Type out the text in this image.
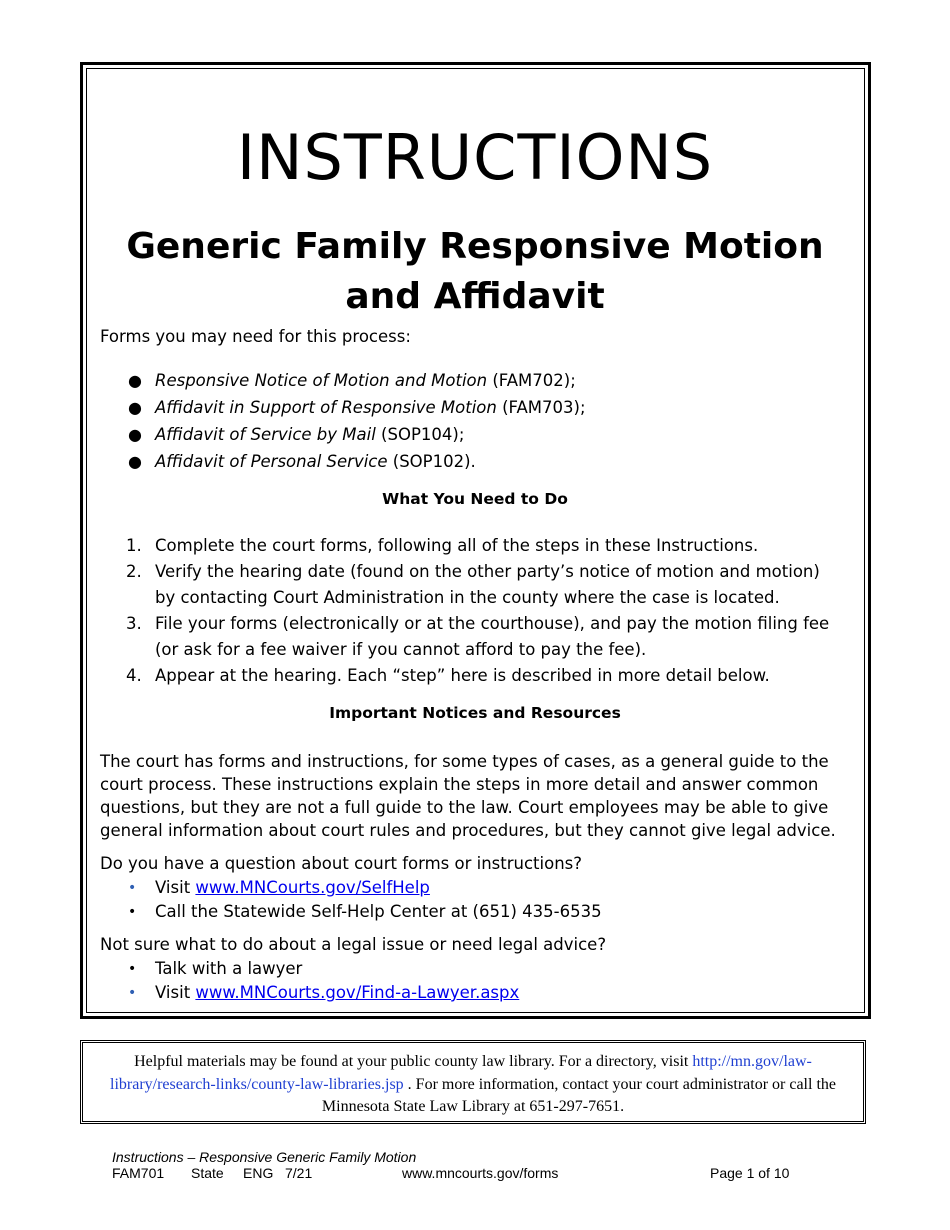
INSTRUCTIONS
Generic Family Responsive Motion and Affidavit
Forms you may need for this process:
● Responsive Notice of Motion and Motion (FAM702);
● Affidavit in Support of Responsive Motion (FAM703);
● Affidavit of Service by Mail (SOP104);
● Affidavit of Personal Service (SOP102).
What You Need to Do
1. Complete the court forms, following all of the steps in these Instructions.
2. Verify the hearing date (found on the other party’s notice of motion and motion) by contacting Court Administration in the county where the case is located.
3. File your forms (electronically or at the courthouse), and pay the motion filing fee (or ask for a fee waiver if you cannot afford to pay the fee).
4. Appear at the hearing. Each “step” here is described in more detail below.
Important Notices and Resources
The court has forms and instructions, for some types of cases, as a general guide to the court process. These instructions explain the steps in more detail and answer common questions, but they are not a full guide to the law. Court employees may be able to give general information about court rules and procedures, but they cannot give legal advice.
Do you have a question about court forms or instructions?
• Visit www.MNCourts.gov/SelfHelp
• Call the Statewide Self-Help Center at (651) 435-6535
Not sure what to do about a legal issue or need legal advice?
• Talk with a lawyer
• Visit www.MNCourts.gov/Find-a-Lawyer.aspx
Helpful materials may be found at your public county law library. For a directory, visit http://mn.gov/law-library/research-links/county-law-libraries.jsp . For more information, contact your court administrator or call the Minnesota State Law Library at 651-297-7651.
Instructions – Responsive Generic Family Motion
FAM701 State ENG 7/21	www.mncourts.gov/forms	Page 1 of 10
